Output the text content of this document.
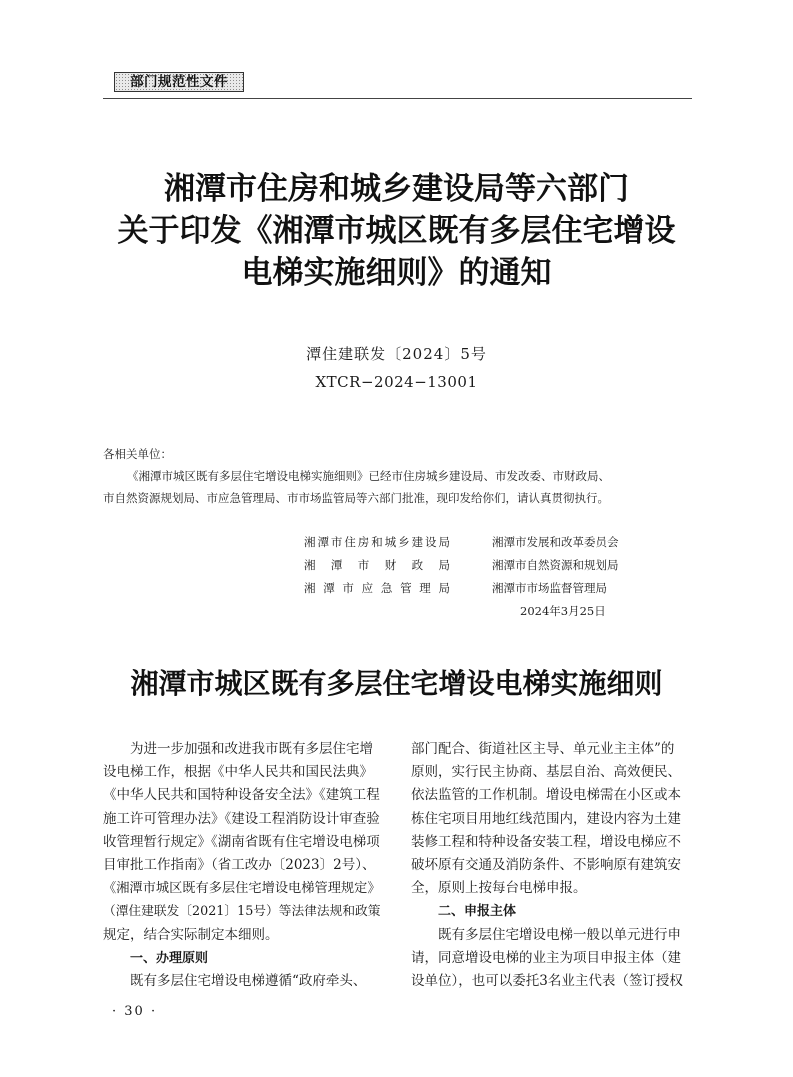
部门规范性文件
湘潭市住房和城乡建设局等六部门
关于印发《湘潭市城区既有多层住宅增设
电梯实施细则》的通知
潭住建联发〔2024〕5号
XTCR−2024−13001
各相关单位：
《湘潭市城区既有多层住宅增设电梯实施细则》已经市住房城乡建设局、市发改委、市财政局、
市自然资源规划局、市应急管理局、市市场监管局等六部门批准，现印发给你们，请认真贯彻执行。
湘潭市住房和城乡建设局	湘潭市发展和改革委员会
湘潭市财政局	湘潭市自然资源和规划局
湘潭市应急管理局	湘潭市市场监督管理局
2024年3月25日
湘潭市城区既有多层住宅增设电梯实施细则
为进一步加强和改进我市既有多层住宅增
设电梯工作，根据《中华人民共和国民法典》
《中华人民共和国特种设备安全法》《建筑工程
施工许可管理办法》《建设工程消防设计审查验
收管理暂行规定》《湖南省既有住宅增设电梯项
目审批工作指南》（省工改办〔2023〕2号）、
《湘潭市城区既有多层住宅增设电梯管理规定》
（潭住建联发〔2021〕15号）等法律法规和政策
规定，结合实际制定本细则。
一、办理原则
既有多层住宅增设电梯遵循“政府牵头、
部门配合、街道社区主导、单元业主主体”的
原则，实行民主协商、基层自治、高效便民、
依法监管的工作机制。增设电梯需在小区或本
栋住宅项目用地红线范围内，建设内容为土建
装修工程和特种设备安装工程，增设电梯应不
破坏原有交通及消防条件、不影响原有建筑安
全，原则上按每台电梯申报。
二、申报主体
既有多层住宅增设电梯一般以单元进行申
请，同意增设电梯的业主为项目申报主体（建
设单位），也可以委托3名业主代表（签订授权
· 30 ·
